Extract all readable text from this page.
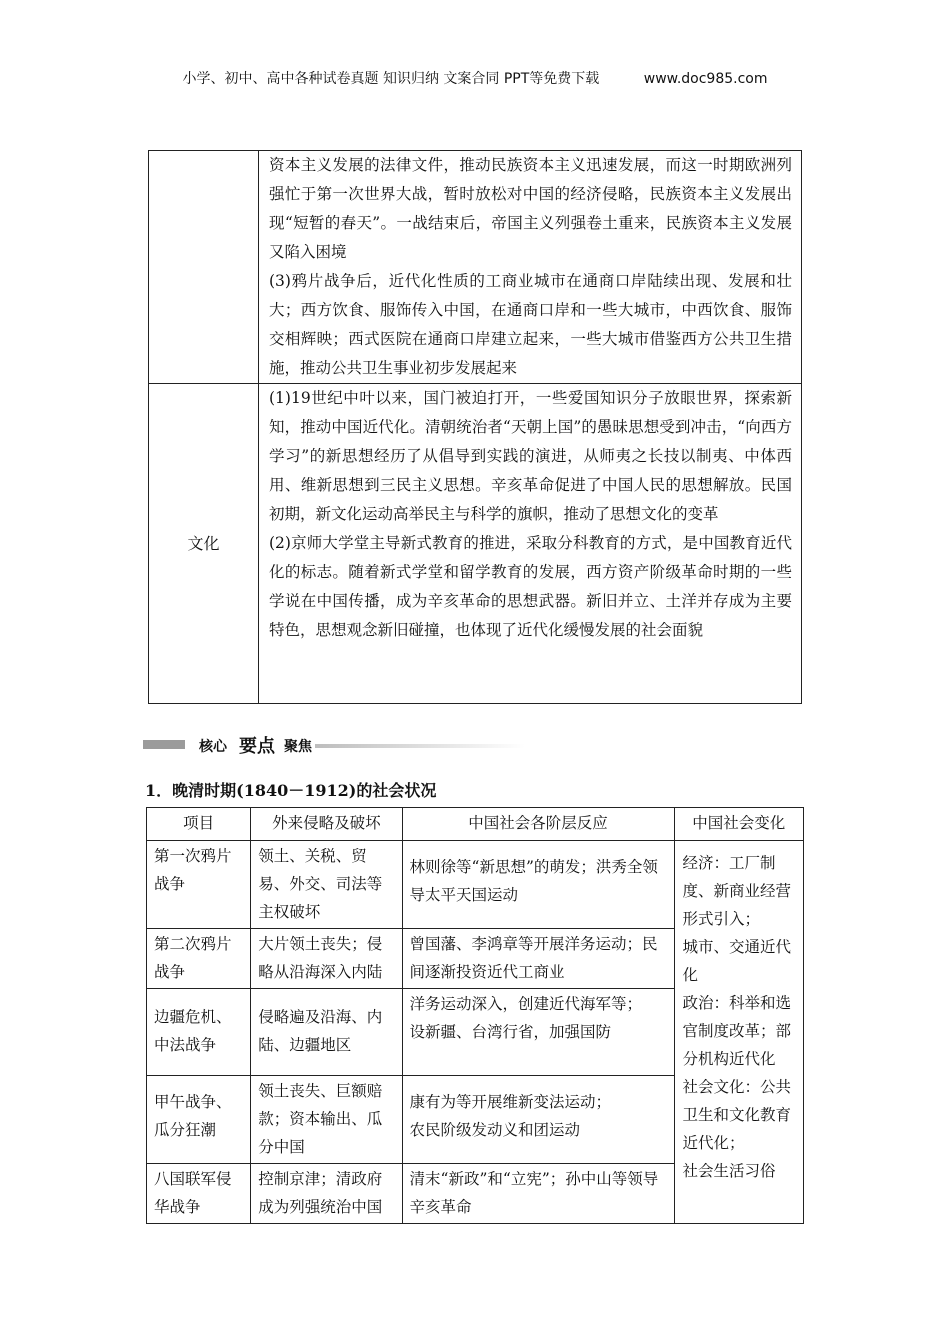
小学、初中、高中各种试卷真题 知识归纳 文案合同 PPT等免费下载	www.doc985.com

	资本主义发展的法律文件，推动民族资本主义迅速发展，而这一时期欧洲列强忙于第一次世界大战，暂时放松对中国的经济侵略，民族资本主义发展出现“短暂的春天”。一战结束后，帝国主义列强卷土重来，民族资本主义发展又陷入困境

(3)鸦片战争后，近代化性质的工商业城市在通商口岸陆续出现、发展和壮大；西方饮食、服饰传入中国，在通商口岸和一些大城市，中西饮食、服饰交相辉映；西式医院在通商口岸建立起来，一些大城市借鉴西方公共卫生措施，推动公共卫生事业初步发展起来

文化	(1)19世纪中叶以来，国门被迫打开，一些爱国知识分子放眼世界，探索新知，推动中国近代化。清朝统治者“天朝上国”的愚昧思想受到冲击，“向西方学习”的新思想经历了从倡导到实践的演进，从师夷之长技以制夷、中体西用、维新思想到三民主义思想。辛亥革命促进了中国人民的思想解放。民国初期，新文化运动高举民主与科学的旗帜，推动了思想文化的变革

(2)京师大学堂主导新式教育的推进，采取分科教育的方式，是中国教育近代化的标志。随着新式学堂和留学教育的发展，西方资产阶级革命时期的一些学说在中国传播，成为辛亥革命的思想武器。新旧并立、土洋并存成为主要特色，思想观念新旧碰撞，也体现了近代化缓慢发展的社会面貌

核心 要点 聚焦
1．晚清时期(1840－1912)的社会状况
项目	外来侵略及破坏	中国社会各阶层反应	中国社会变化
第一次鸦片战争	领土、关税、贸易、外交、司法等主权破坏	林则徐等“新思想”的萌发；洪秀全领导太平天国运动	经济：工厂制度、新商业经营形式引入；

城市、交通近代化

政治：科举和选官制度改革；部分机构近代化

社会文化：公共卫生和文化教育近代化；

社会生活习俗

第二次鸦片战争	大片领土丧失；侵略从沿海深入内陆	曾国藩、李鸿章等开展洋务运动；民间逐渐投资近代工商业	
边疆危机、中法战争	侵略遍及沿海、内陆、边疆地区	洋务运动深入，创建近代海军等；
设新疆、台湾行省，加强国防	

甲午战争、瓜分狂潮	领土丧失、巨额赔款；资本输出、瓜分中国	康有为等开展维新变法运动；
农民阶级发动义和团运动	

八国联军侵华战争	控制京津；清政府成为列强统治中国	清末“新政”和“立宪”；孙中山等领导辛亥革命	
